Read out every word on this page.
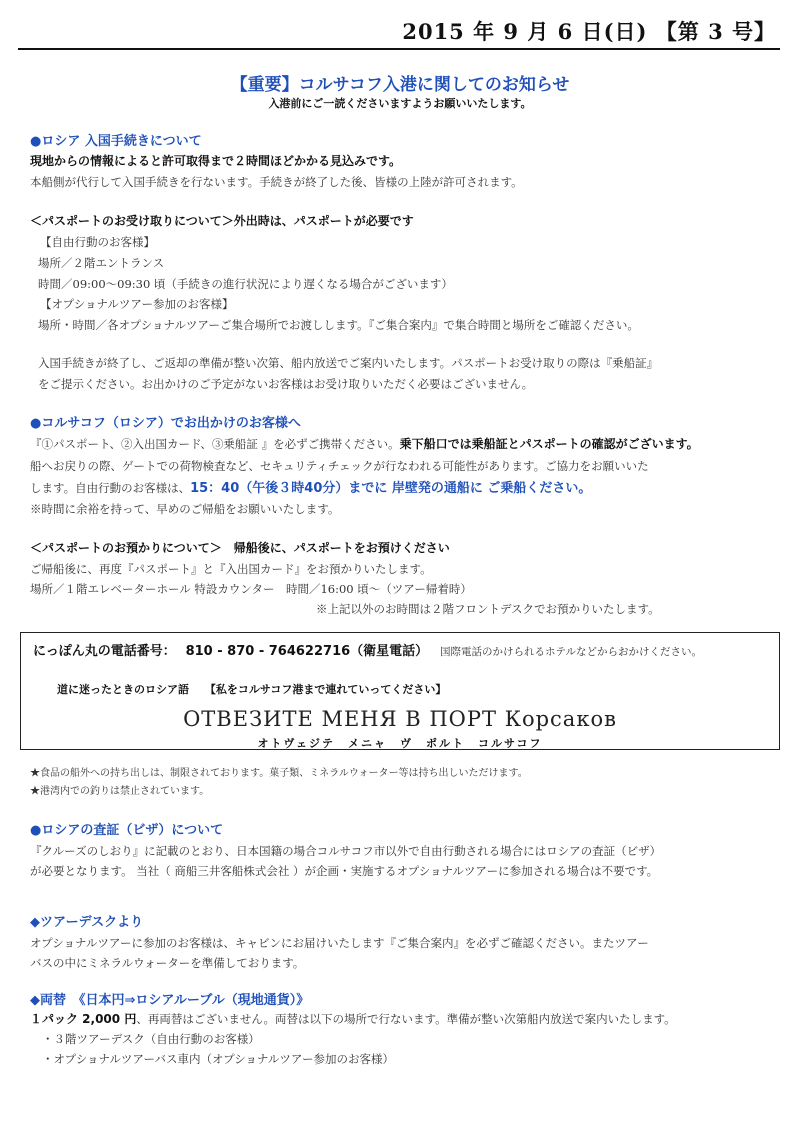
2015 年 9 月 6 日(日) 【第 3 号】
【重要】コルサコフ入港に関してのお知らせ
入港前にご一読くださいますようお願いいたします。
●ロシア 入国手続きについて
現地からの情報によると許可取得まで２時間ほどかかる見込みです。
本船側が代行して入国手続きを行ないます。手続きが終了した後、皆様の上陸が許可されます。
＜パスポートのお受け取りについて＞外出時は、パスポートが必要です
【自由行動のお客様】
場所／２階エントランス
時間／09:00～09:30 頃（手続きの進行状況により遅くなる場合がございます）
【オプショナルツアー参加のお客様】
場所・時間／各オプショナルツアーご集合場所でお渡しします。『ご集合案内』で集合時間と場所をご確認ください。
入国手続きが終了し、ご返却の準備が整い次第、船内放送でご案内いたします。パスポートお受け取りの際は『乗船証』
をご提示ください。お出かけのご予定がないお客様はお受け取りいただく必要はございません。
●コルサコフ（ロシア）でお出かけのお客様へ
『①パスポート、②入出国カード、③乗船証 』を必ずご携帯ください。乗下船口では乗船証とパスポートの確認がございます。
船へお戻りの際、ゲートでの荷物検査など、セキュリティチェックが行なわれる可能性があります。ご協力をお願いいた
します。自由行動のお客様は、15：40（午後３時40分）までに 岸壁発の通船に ご乗船ください。
※時間に余裕を持って、早めのご帰船をお願いいたします。
＜パスポートのお預かりについて＞　帰船後に、パスポートをお預けください
ご帰船後に、再度『パスポート』と『入出国カード』をお預かりいたします。
場所／１階エレベーターホール 特設カウンター　時間／16:00 頃～（ツアー帰着時）
※上記以外のお時間は２階フロントデスクでお預かりいたします。
にっぽん丸の電話番号： 810 - 870 - 764622716（衛星電話） 国際電話のかけられるホテルなどからおかけください。
道に迷ったときのロシア語 【私をコルサコフ港まで連れていってください】
ОТВЕЗИТЕ МЕНЯ В ПОРТ Корсаков
オトヴェジテ　メニャ　ヴ　ポルト　コルサコフ
★食品の船外への持ち出しは、制限されております。菓子類、ミネラルウォーター等は持ち出しいただけます。
★港湾内での釣りは禁止されています。
●ロシアの査証（ビザ）について
『クルーズのしおり』に記載のとおり、日本国籍の場合コルサコフ市以外で自由行動される場合にはロシアの査証（ビザ）
が必要となります。 当社（ 商船三井客船株式会社 ）が企画・実施するオプショナルツアーに参加される場合は不要です。
◆ツアーデスクより
オプショナルツアーに参加のお客様は、キャビンにお届けいたします『ご集合案内』を必ずご確認ください。またツアー
バスの中にミネラルウォーターを準備しております。
◆両替　《日本円⇒ロシアルーブル（現地通貨）》
１パック 2,000 円、再両替はございません。両替は以下の場所で行ないます。準備が整い次第船内放送で案内いたします。
・３階ツアーデスク（自由行動のお客様）
・オプショナルツアーバス車内（オプショナルツアー参加のお客様）
